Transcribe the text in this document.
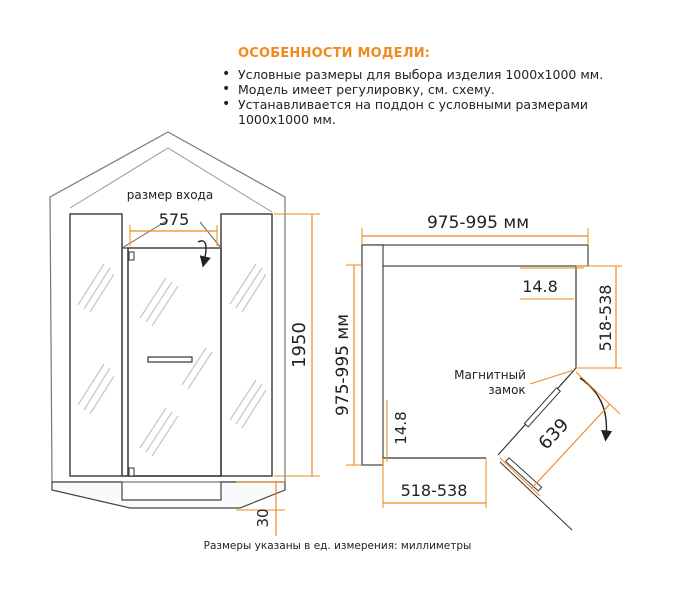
ОСОБЕННОСТИ МОДЕЛИ:
• Условные размеры для выбора изделия 1000х1000 мм.
• Модель имеет регулировку, см. схему.
• Устанавливается на поддон с условными размерами 1000х1000 мм.
размер входа
575
1950
30
975-995 мм
975-995 мм
14.8 518-538
Магнитный
замок
639
14.8
518-538
Размеры указаны в ед. измерения: миллиметры
